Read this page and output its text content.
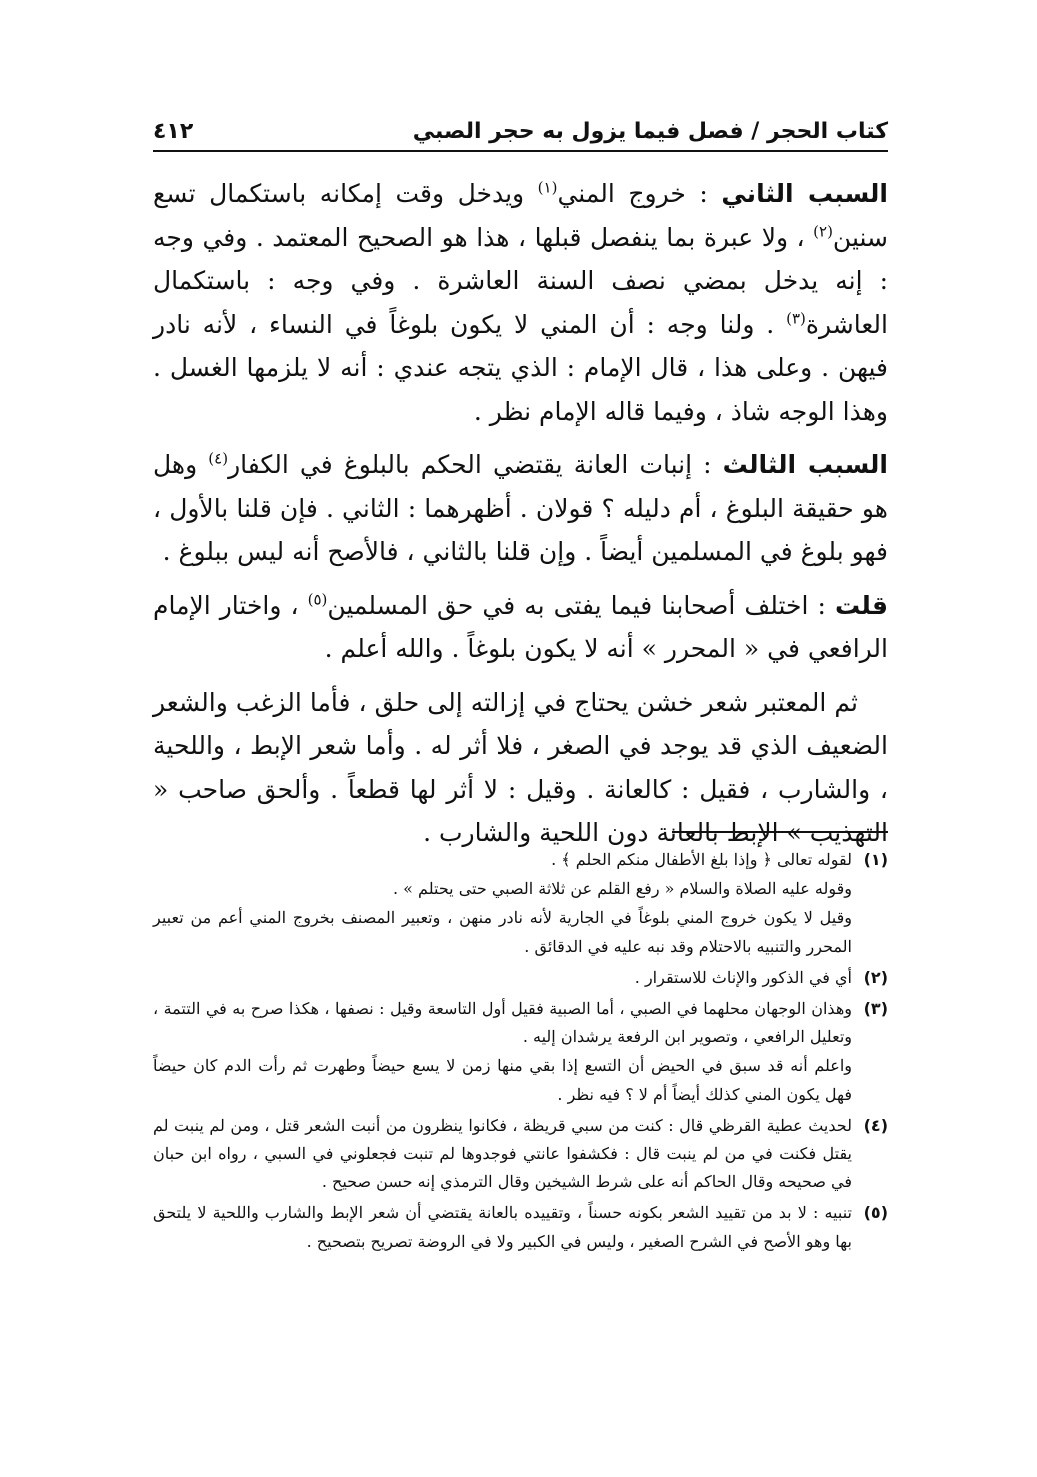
كتاب الحجر / فصل فيما يزول به حجر الصبي
٤١٢

السبب الثاني : خروج المني$^{(١)}$ ويدخل وقت إمكانه باستكمال تسع سنين$^{(٢)}$ ، ولا عبرة بما ينفصل قبلها ، هذا هو الصحيح المعتمد . وفي وجه : إنه يدخل بمضي نصف السنة العاشرة . وفي وجه : باستكمال العاشرة$^{(٣)}$ . ولنا وجه : أن المني لا يكون بلوغاً في النساء ، لأنه نادر فيهن . وعلى هذا ، قال الإمام : الذي يتجه عندي : أنه لا يلزمها الغسل . وهذا الوجه شاذ ، وفيما قاله الإمام نظر .

السبب الثالث : إنبات العانة يقتضي الحكم بالبلوغ في الكفار$^{(٤)}$ وهل هو حقيقة البلوغ ، أم دليله ؟ قولان . أظهرهما : الثاني . فإن قلنا بالأول ، فهو بلوغ في المسلمين أيضاً . وإن قلنا بالثاني ، فالأصح أنه ليس ببلوغ .

قلت : اختلف أصحابنا فيما يفتى به في حق المسلمين$^{(٥)}$ ، واختار الإمام الرافعي في « المحرر » أنه لا يكون بلوغاً . والله أعلم .

ثم المعتبر شعر خشن يحتاج في إزالته إلى حلق ، فأما الزغب والشعر الضعيف الذي قد يوجد في الصغر ، فلا أثر له . وأما شعر الإبط ، واللحية ، والشارب ، فقيل : كالعانة . وقيل : لا أثر لها قطعاً . وألحق صاحب « التهذيب » الإبط بالعانة دون اللحية والشارب .

(١)

لقوله تعالى ﴿ وإذا بلغ الأطفال منكم الحلم ﴾ .

وقوله عليه الصلاة والسلام « رفع القلم عن ثلاثة الصبي حتى يحتلم » .

وقيل لا يكون خروج المني بلوغاً في الجارية لأنه نادر منهن ، وتعبير المصنف بخروج المني أعم من تعبير المحرر والتنبيه بالاحتلام وقد نبه عليه في الدقائق .

(٢)

أي في الذكور والإناث للاستقرار .

(٣)

وهذان الوجهان محلهما في الصبي ، أما الصبية فقيل أول التاسعة وقيل : نصفها ، هكذا صرح به في التتمة ، وتعليل الرافعي ، وتصوير ابن الرفعة يرشدان إليه .

واعلم أنه قد سبق في الحيض أن التسع إذا بقي منها زمن لا يسع حيضاً وطهرت ثم رأت الدم كان حيضاً فهل يكون المني كذلك أيضاً أم لا ؟ فيه نظر .

(٤)

لحديث عطية القرظي قال : كنت من سبي قريظة ، فكانوا ينظرون من أنبت الشعر قتل ، ومن لم ينبت لم يقتل فكنت في من لم ينبت قال : فكشفوا عانتي فوجدوها لم تنبت فجعلوني في السبي ، رواه ابن حبان في صحيحه وقال الحاكم أنه على شرط الشيخين وقال الترمذي إنه حسن صحيح .

(٥)

تنبيه : لا بد من تقييد الشعر بكونه حسناً ، وتقييده بالعانة يقتضي أن شعر الإبط والشارب واللحية لا يلتحق بها وهو الأصح في الشرح الصغير ، وليس في الكبير ولا في الروضة تصريح بتصحيح .
